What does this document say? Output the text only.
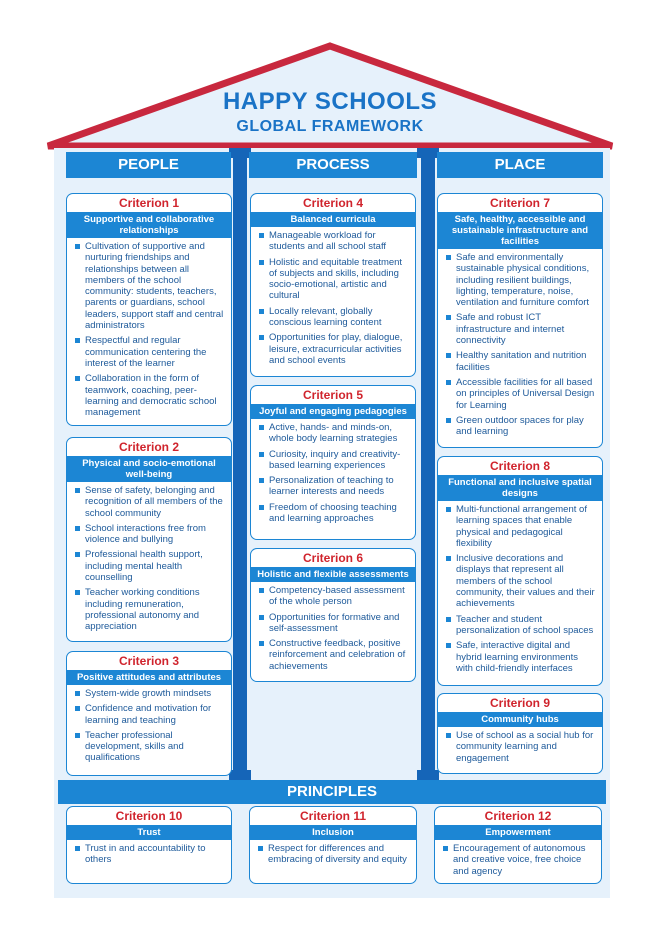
HAPPY SCHOOLS
GLOBAL FRAMEWORK
PEOPLE	PROCESS	PLACE
PRINCIPLES
Criterion 1
Supportive and collaborative relationships
Cultivation of supportive and nurturing friendships and relationships between all members of the school community: students, teachers, parents or guardians, school leaders, support staff and central administrators
Respectful and regular communication centering the interest of the learner
Collaboration in the form of teamwork, coaching, peer-learning and democratic school management
Criterion 2
Physical and socio-emotional well-being
Sense of safety, belonging and recognition of all members of the school community
School interactions free from violence and bullying
Professional health support, including mental health counselling
Teacher working conditions including remuneration, professional autonomy and appreciation
Criterion 3
Positive attitudes and attributes
System-wide growth mindsets
Confidence and motivation for learning and teaching
Teacher professional development, skills and qualifications
Criterion 4
Balanced curricula
Manageable workload for students and all school staff
Holistic and equitable treatment of subjects and skills, including socio-emotional, artistic and cultural
Locally relevant, globally conscious learning content
Opportunities for play, dialogue, leisure, extracurricular activities and school events
Criterion 5
Joyful and engaging pedagogies
Active, hands- and minds-on, whole body learning strategies
Curiosity, inquiry and creativity-based learning experiences
Personalization of teaching to learner interests and needs
Freedom of choosing teaching and learning approaches
Criterion 6
Holistic and flexible assessments
Competency-based assessment of the whole person
Opportunities for formative and self-assessment
Constructive feedback, positive reinforcement and celebration of achievements
Criterion 7
Safe, healthy, accessible and sustainable infrastructure and facilities
Safe and environmentally sustainable physical conditions, including resilient buildings, lighting, temperature, noise, ventilation and furniture comfort
Safe and robust ICT infrastructure and internet connectivity
Healthy sanitation and nutrition facilities
Accessible facilities for all based on principles of Universal Design for Learning
Green outdoor spaces for play and learning
Criterion 8
Functional and inclusive spatial designs
Multi-functional arrangement of learning spaces that enable physical and pedagogical flexibility
Inclusive decorations and displays that represent all members of the school community, their values and their achievements
Teacher and student personalization of school spaces
Safe, interactive digital and hybrid learning environments with child-friendly interfaces
Criterion 9
Community hubs
Use of school as a social hub for community learning and engagement
Criterion 10
Trust
Trust in and accountability to others
Criterion 11
Inclusion
Respect for differences and embracing of diversity and equity
Criterion 12
Empowerment
Encouragement of autonomous and creative voice, free choice and agency
